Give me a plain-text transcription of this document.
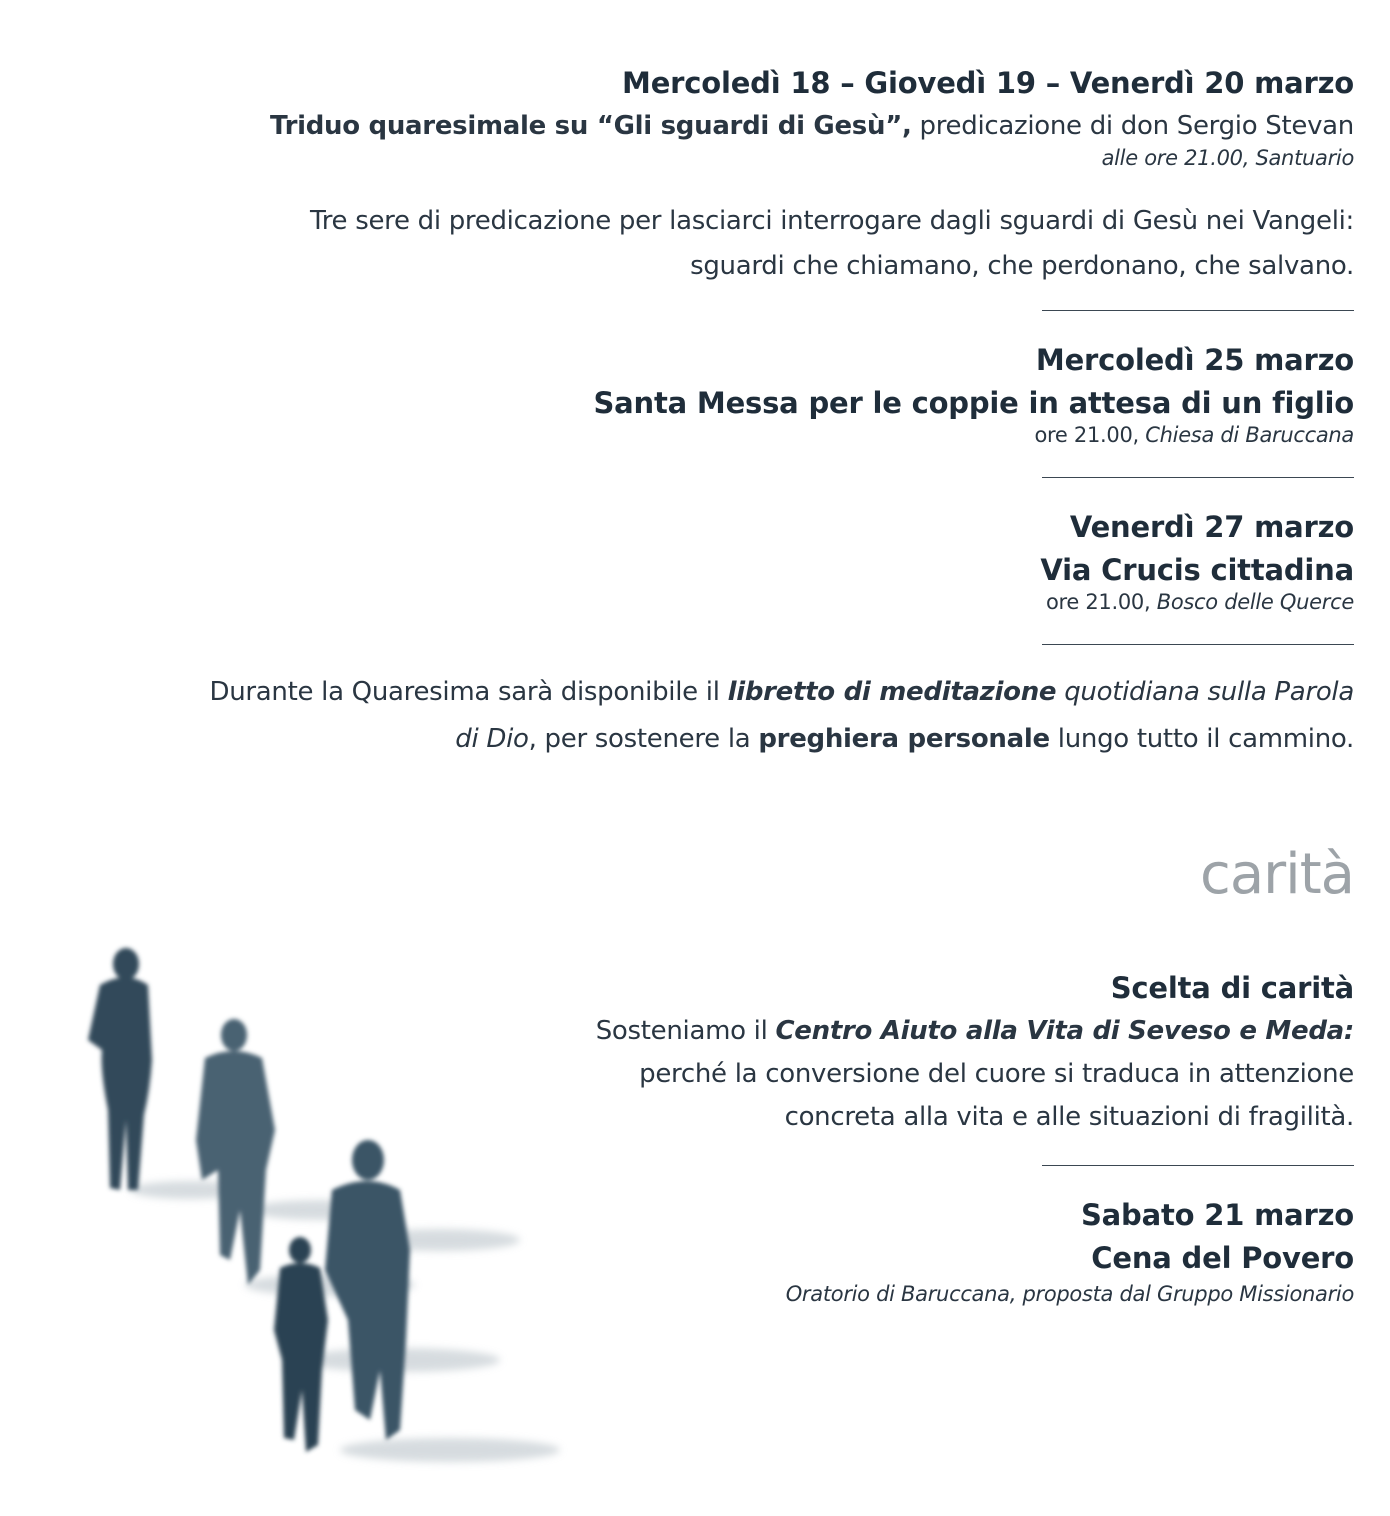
Mercoledì 18 – Giovedì 19 – Venerdì 20 marzo

Triduo quaresimale su “Gli sguardi di Gesù”, predicazione di don Sergio Stevan

alle ore 21.00, Santuario

Tre sere di predicazione per lasciarci interrogare dagli sguardi di Gesù nei Vangeli:

sguardi che chiamano, che perdonano, che salvano.

Mercoledì 25 marzo

Santa Messa per le coppie in attesa di un figlio

ore 21.00, Chiesa di Baruccana

Venerdì 27 marzo

Via Crucis cittadina

ore 21.00, Bosco delle Querce

Durante la Quaresima sarà disponibile il libretto di meditazione quotidiana sulla Parola

di Dio, per sostenere la preghiera personale lungo tutto il cammino.

carità

Scelta di carità

Sosteniamo il Centro Aiuto alla Vita di Seveso e Meda:

perché la conversione del cuore si traduca in attenzione

concreta alla vita e alle situazioni di fragilità.

Sabato 21 marzo

Cena del Povero

Oratorio di Baruccana, proposta dal Gruppo Missionario
